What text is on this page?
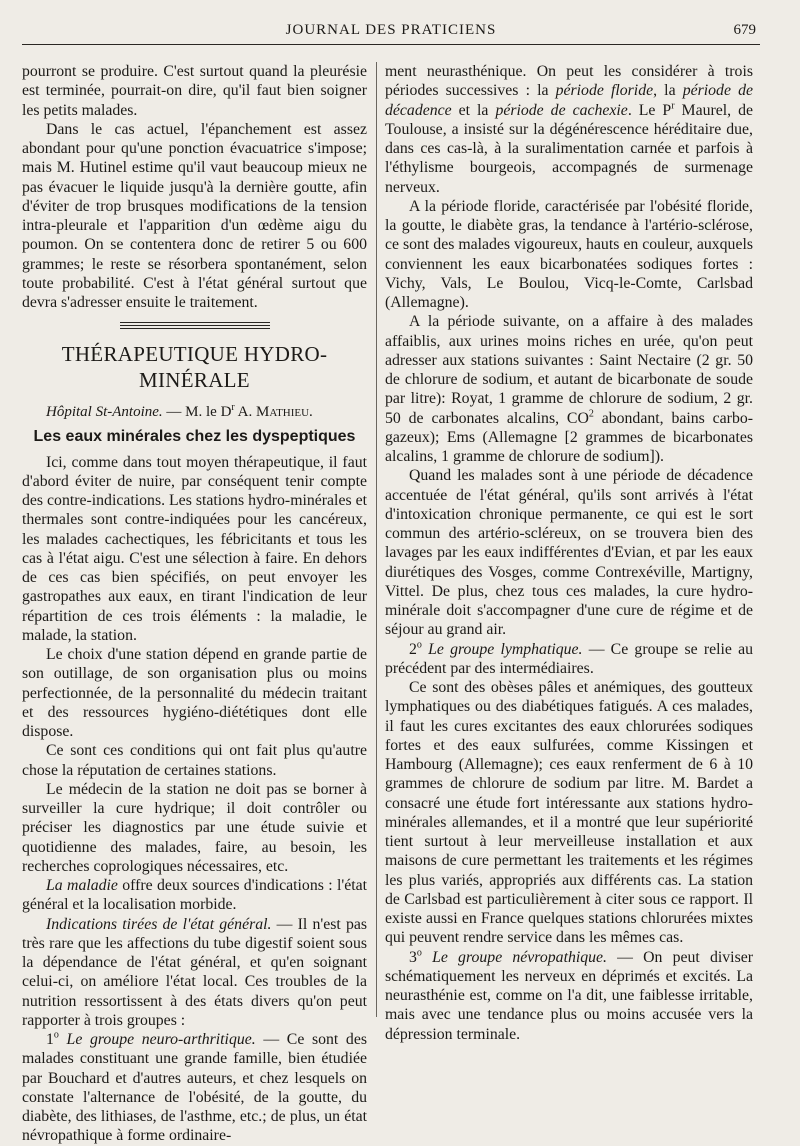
JOURNAL DES PRATICIENS	679

pourront se produire. C'est surtout quand la pleurésie est terminée, pourrait-on dire, qu'il faut bien soigner les petits malades.

Dans le cas actuel, l'épanchement est assez abondant pour qu'une ponction évacuatrice s'impose; mais M. Hutinel estime qu'il vaut beaucoup mieux ne pas évacuer le liquide jusqu'à la dernière goutte, afin d'éviter de trop brusques modifications de la tension intra-pleurale et l'apparition d'un œdème aigu du poumon. On se contentera donc de retirer 5 ou 600 grammes; le reste se résorbera spontanément, selon toute probabilité. C'est à l'état général surtout que devra s'adresser ensuite le traitement.

THÉRAPEUTIQUE HYDRO-MINÉRALE

Hôpital St-Antoine. — M. le $D^r$ A. Mathieu.

Les eaux minérales chez les dyspeptiques

Ici, comme dans tout moyen thérapeutique, il faut d'abord éviter de nuire, par conséquent tenir compte des contre-indications. Les stations hydro-minérales et thermales sont contre-indiquées pour les cancéreux, les malades cachectiques, les fébricitants et tous les cas à l'état aigu. C'est une sélection à faire. En dehors de ces cas bien spécifiés, on peut envoyer les gastropathes aux eaux, en tirant l'indication de leur répartition de ces trois éléments : la maladie, le malade, la station.

Le choix d'une station dépend en grande partie de son outillage, de son organisation plus ou moins perfectionnée, de la personnalité du médecin traitant et des ressources hygiéno-diététiques dont elle dispose.

Ce sont ces conditions qui ont fait plus qu'autre chose la réputation de certaines stations.

Le médecin de la station ne doit pas se borner à surveiller la cure hydrique; il doit contrôler ou préciser les diagnostics par une étude suivie et quotidienne des malades, faire, au besoin, les recherches coprologiques nécessaires, etc.

La maladie offre deux sources d'indications : l'état général et la localisation morbide.

Indications tirées de l'état général. — Il n'est pas très rare que les affections du tube digestif soient sous la dépendance de l'état général, et qu'en soignant celui-ci, on améliore l'état local. Ces troubles de la nutrition ressortissent à des états divers qu'on peut rapporter à trois groupes :

1$^o$ Le groupe neuro-arthritique. — Ce sont des malades constituant une grande famille, bien étudiée par Bouchard et d'autres auteurs, et chez lesquels on constate l'alternance de l'obésité, de la goutte, du diabète, des lithiases, de l'asthme, etc.; de plus, un état névropathique à forme ordinaire-

ment neurasthénique. On peut les considérer à trois périodes successives : la période floride, la période de décadence et la période de cachexie. Le $P^r$ Maurel, de Toulouse, a insisté sur la dégénérescence héréditaire due, dans ces cas-là, à la suralimentation carnée et parfois à l'éthylisme bourgeois, accompagnés de surmenage nerveux.

A la période floride, caractérisée par l'obésité floride, la goutte, le diabète gras, la tendance à l'artério-sclérose, ce sont des malades vigoureux, hauts en couleur, auxquels conviennent les eaux bicarbonatées sodiques fortes : Vichy, Vals, Le Boulou, Vicq-le-Comte, Carlsbad (Allemagne).

A la période suivante, on a affaire à des malades affaiblis, aux urines moins riches en urée, qu'on peut adresser aux stations suivantes : Saint Nectaire (2 gr. 50 de chlorure de sodium, et autant de bicarbonate de soude par litre): Royat, 1 gramme de chlorure de sodium, 2 gr. 50 de carbonates alcalins, $CO^2$ abondant, bains carbo-gazeux); Ems (Allemagne [2 grammes de bicarbonates alcalins, 1 gramme de chlorure de sodium]).

Quand les malades sont à une période de décadence accentuée de l'état général, qu'ils sont arrivés à l'état d'intoxication chronique permanente, ce qui est le sort commun des artério-scléreux, on se trouvera bien des lavages par les eaux indifférentes d'Evian, et par les eaux diurétiques des Vosges, comme Contrexéville, Martigny, Vittel. De plus, chez tous ces malades, la cure hydro-minérale doit s'accompagner d'une cure de régime et de séjour au grand air.

2$^o$ Le groupe lymphatique. — Ce groupe se relie au précédent par des intermédiaires.

Ce sont des obèses pâles et anémiques, des goutteux lymphatiques ou des diabétiques fatigués. A ces malades, il faut les cures excitantes des eaux chlorurées sodiques fortes et des eaux sulfurées, comme Kissingen et Hambourg (Allemagne); ces eaux renferment de 6 à 10 grammes de chlorure de sodium par litre. M. Bardet a consacré une étude fort intéressante aux stations hydro-minérales allemandes, et il a montré que leur supériorité tient surtout à leur merveilleuse installation et aux maisons de cure permettant les traitements et les régimes les plus variés, appropriés aux différents cas. La station de Carlsbad est particulièrement à citer sous ce rapport. Il existe aussi en France quelques stations chlorurées mixtes qui peuvent rendre service dans les mêmes cas.

3$^o$ Le groupe névropathique. — On peut diviser schématiquement les nerveux en déprimés et excités. La neurasthénie est, comme on l'a dit, une faiblesse irritable, mais avec une tendance plus ou moins accusée vers la dépression terminale.
